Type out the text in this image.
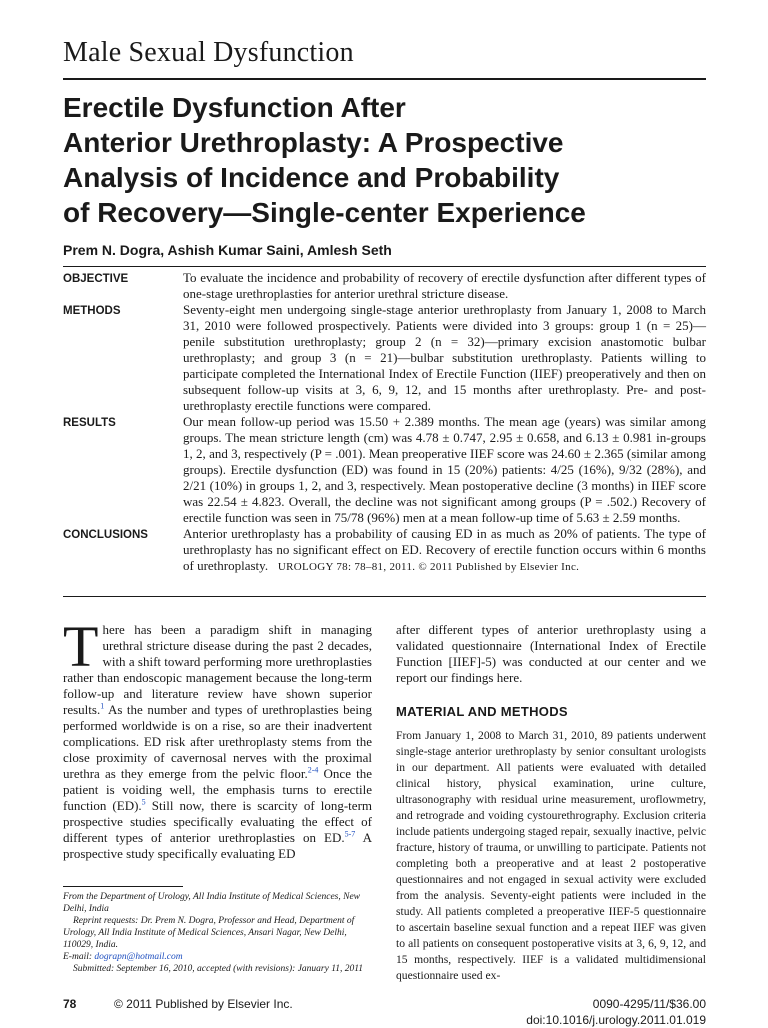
Male Sexual Dysfunction
Erectile Dysfunction After
Anterior Urethroplasty: A Prospective
Analysis of Incidence and Probability
of Recovery—Single-center Experience
Prem N. Dogra, Ashish Kumar Saini, Amlesh Seth
OBJECTIVE	To evaluate the incidence and probability of recovery of erectile dysfunction after different types of one-stage urethroplasties for anterior urethral stricture disease.
METHODS	Seventy-eight men undergoing single-stage anterior urethroplasty from January 1, 2008 to March 31, 2010 were followed prospectively. Patients were divided into 3 groups: group 1 (n = 25)—penile substitution urethroplasty; group 2 (n = 32)—primary excision anastomotic bulbar urethroplasty; and group 3 (n = 21)—bulbar substitution urethroplasty. Patients willing to participate completed the International Index of Erectile Function (IIEF) preoperatively and then on subsequent follow-up visits at 3, 6, 9, 12, and 15 months after urethroplasty. Pre- and post-urethroplasty erectile functions were compared.
RESULTS	Our mean follow-up period was 15.50 + 2.389 months. The mean age (years) was similar among groups. The mean stricture length (cm) was 4.78 ± 0.747, 2.95 ± 0.658, and 6.13 ± 0.981 in-groups 1, 2, and 3, respectively (P = .001). Mean preoperative IIEF score was 24.60 ± 2.365 (similar among groups). Erectile dysfunction (ED) was found in 15 (20%) patients: 4/25 (16%), 9/32 (28%), and 2/21 (10%) in groups 1, 2, and 3, respectively. Mean postoperative decline (3 months) in IIEF score was 22.54 ± 4.823. Overall, the decline was not significant among groups (P = .502.) Recovery of erectile function was seen in 75/78 (96%) men at a mean follow-up time of 5.63 ± 2.59 months.
CONCLUSIONS	Anterior urethroplasty has a probability of causing ED in as much as 20% of patients. The type of urethroplasty has no significant effect on ED. Recovery of erectile function occurs within 6 months of urethroplasty. UROLOGY 78: 78–81, 2011. © 2011 Published by Elsevier Inc.

There has been a paradigm shift in managing urethral stricture disease during the past 2 decades, with a shift toward performing more urethroplasties rather than endoscopic management because the long-term follow-up and literature review have shown superior results.$^1$ As the number and types of urethroplasties being performed worldwide is on a rise, so are their inadvertent complications. ED risk after urethroplasty stems from the close proximity of cavernosal nerves with the proximal urethra as they emerge from the pelvic floor.$^{2-4}$ Once the patient is voiding well, the emphasis turns to erectile function (ED).$^5$ Still now, there is scarcity of long-term prospective studies specifically evaluating the effect of different types of anterior urethroplasties on ED.$^{5-7}$ A prospective study specifically evaluating ED

after different types of anterior urethroplasty using a validated questionnaire (International Index of Erectile Function [IIEF]-5) was conducted at our center and we report our findings here.

MATERIAL AND METHODS

From January 1, 2008 to March 31, 2010, 89 patients underwent single-stage anterior urethroplasty by senior consultant urologists in our department. All patients were evaluated with detailed clinical history, physical examination, urine culture, ultrasonography with residual urine measurement, uroflowmetry, and retrograde and voiding cystourethrography. Exclusion criteria include patients undergoing staged repair, sexually inactive, pelvic fracture, history of trauma, or unwilling to participate. Patients not completing both a preoperative and at least 2 postoperative questionnaires and not engaged in sexual activity were excluded from the analysis. Seventy-eight patients were included in the study. All patients completed a preoperative IIEF-5 questionnaire to ascertain baseline sexual function and a repeat IIEF was given to all patients on consequent postoperative visits at 3, 6, 9, 12, and 15 months, respectively. IIEF is a validated multidimensional questionnaire used ex-

From the Department of Urology, All India Institute of Medical Sciences, New Delhi, India

Reprint requests: Dr. Prem N. Dogra, Professor and Head, Department of Urology, All India Institute of Medical Sciences, Ansari Nagar, New Delhi, 110029, India.

E-mail: dograpn@hotmail.com

Submitted: September 16, 2010, accepted (with revisions): January 11, 2011

78	© 2011 Published by Elsevier Inc.	0090-4295/11/$36.00
doi:10.1016/j.urology.2011.01.019
